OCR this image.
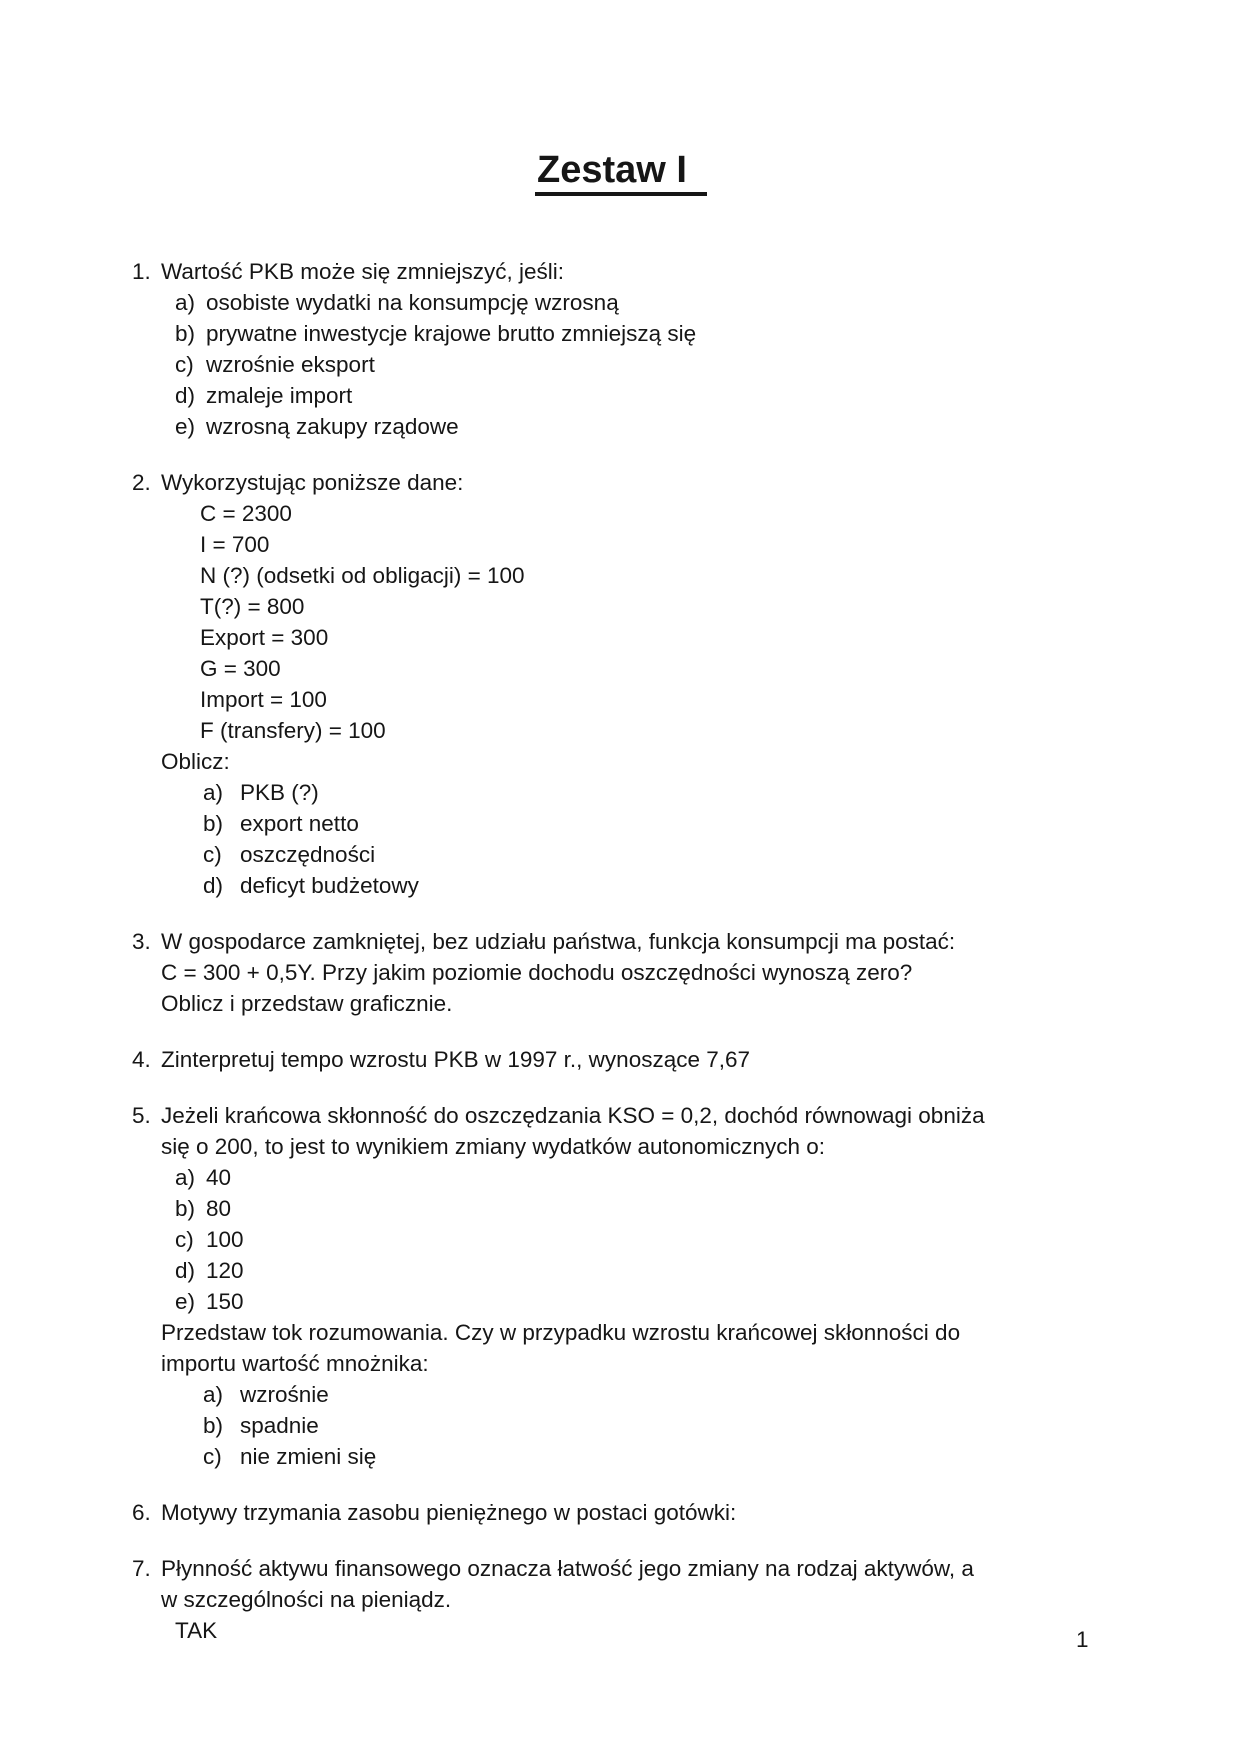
Zestaw I
1. Wartość PKB może się zmniejszyć, jeśli:
a) osobiste wydatki na konsumpcję wzrosną
b) prywatne inwestycje krajowe brutto zmniejszą się
c) wzrośnie eksport
d) zmaleje import
e) wzrosną zakupy rządowe
2. Wykorzystując poniższe dane:
C = 2300
I = 700
N (?) (odsetki od obligacji) = 100
T(?) = 800
Export = 300
G = 300
Import = 100
F (transfery) = 100
Oblicz:
a) PKB (?)
b) export netto
c) oszczędności
d) deficyt budżetowy
3. W gospodarce zamkniętej, bez udziału państwa, funkcja konsumpcji ma postać:
C = 300 + 0,5Y. Przy jakim poziomie dochodu oszczędności wynoszą zero?
Oblicz i przedstaw graficznie.
4. Zinterpretuj tempo wzrostu PKB w 1997 r., wynoszące 7,67
5. Jeżeli krańcowa skłonność do oszczędzania KSO = 0,2, dochód równowagi obniża
się o 200, to jest to wynikiem zmiany wydatków autonomicznych o:
a) 40
b) 80
c) 100
d) 120
e) 150
Przedstaw tok rozumowania. Czy w przypadku wzrostu krańcowej skłonności do
importu wartość mnożnika:
a) wzrośnie
b) spadnie
c) nie zmieni się
6. Motywy trzymania zasobu pieniężnego w postaci gotówki:
7. Płynność aktywu finansowego oznacza łatwość jego zmiany na rodzaj aktywów, a
w szczególności na pieniądz.
TAK	1
